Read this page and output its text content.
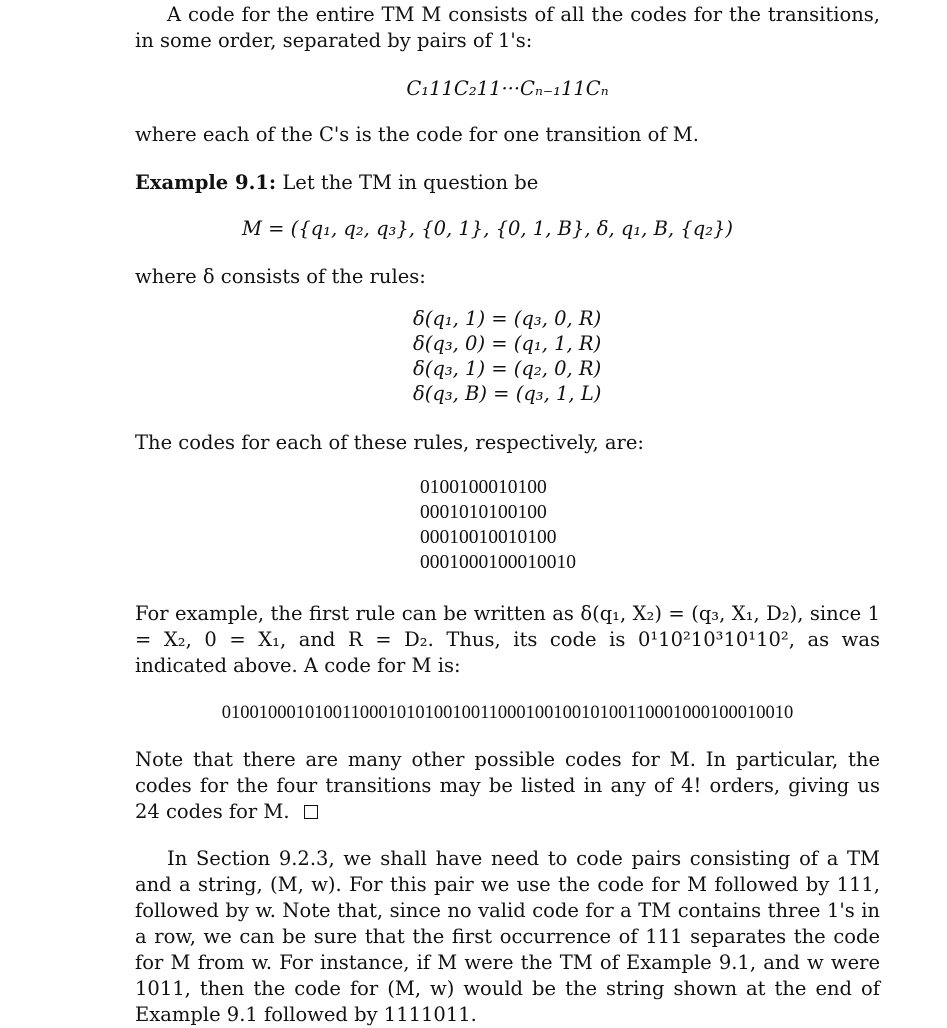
A code for the entire TM M consists of all the codes for the transitions, in some order, separated by pairs of 1's:

C₁11C₂11···Cₙ₋₁11Cₙ

where each of the C's is the code for one transition of M.

Example 9.1: Let the TM in question be

M = ({q₁, q₂, q₃}, {0, 1}, {0, 1, B}, δ, q₁, B, {q₂})

where δ consists of the rules:

δ(q₁, 1) = (q₃, 0, R)
δ(q₃, 0) = (q₁, 1, R)
δ(q₃, 1) = (q₂, 0, R)
δ(q₃, B) = (q₃, 1, L)

The codes for each of these rules, respectively, are:

0100100010100
0001010100100
00010010010100
0001000100010010

For example, the first rule can be written as δ(q₁, X₂) = (q₃, X₁, D₂), since 1 = X₂, 0 = X₁, and R = D₂. Thus, its code is 0¹10²10³10¹10², as was indicated above. A code for M is:

01001000101001100010101001001100010010010100110001000100010010

Note that there are many other possible codes for M. In particular, the codes for the four transitions may be listed in any of 4! orders, giving us 24 codes for M.

In Section 9.2.3, we shall have need to code pairs consisting of a TM and a string, (M, w). For this pair we use the code for M followed by 111, followed by w. Note that, since no valid code for a TM contains three 1's in a row, we can be sure that the first occurrence of 111 separates the code for M from w. For instance, if M were the TM of Example 9.1, and w were 1011, then the code for (M, w) would be the string shown at the end of Example 9.1 followed by 1111011.
